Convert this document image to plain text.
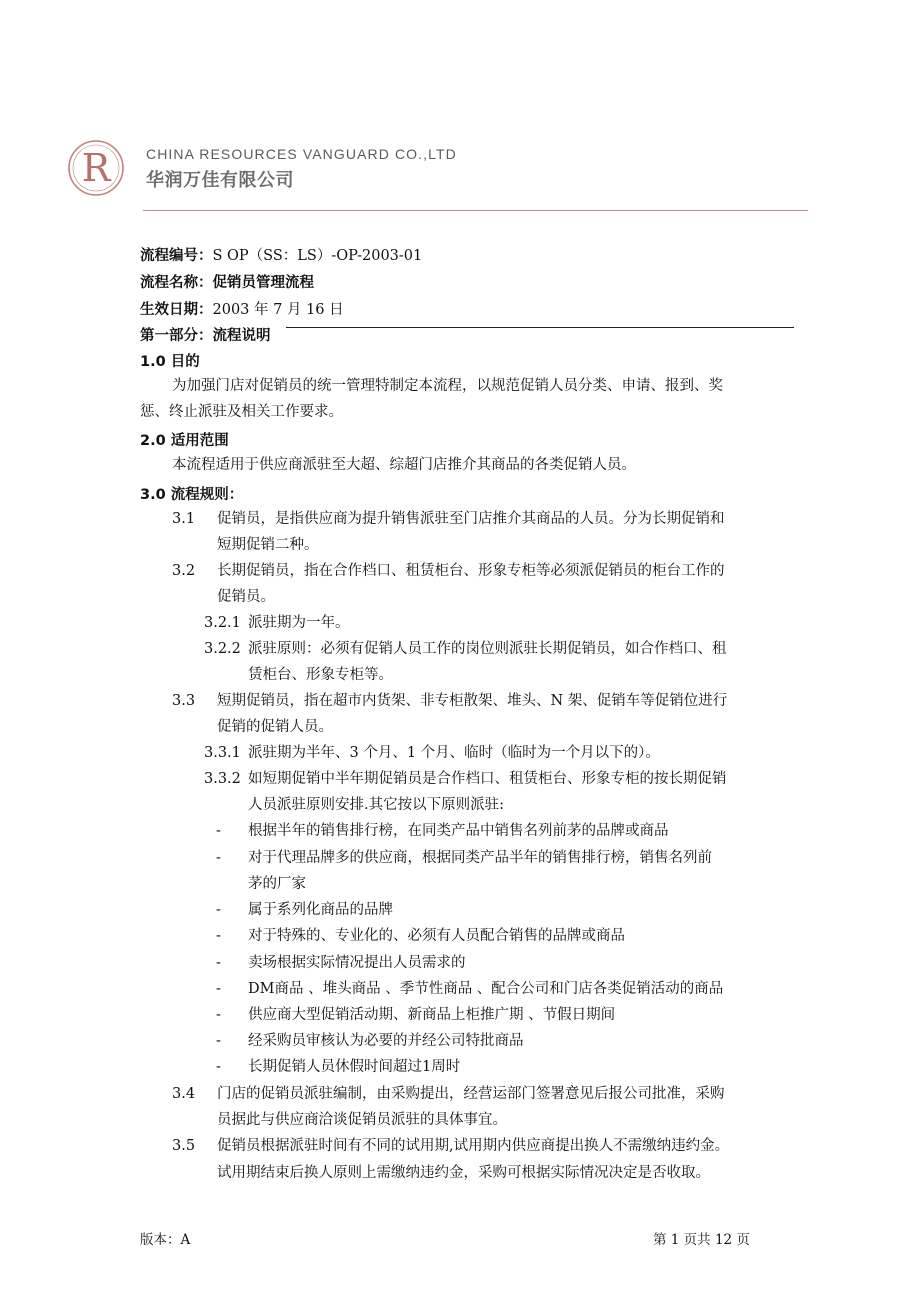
R	CHINA RESOURCES VANGUARD CO.,LTD
华润万佳有限公司
流程编号：S OP（SS：LS）-OP-2003-01
流程名称：促销员管理流程
生效日期：2003 年 7 月 16 日
第一部分：流程说明
1.0 目的
为加强门店对促销员的统一管理特制定本流程，以规范促销人员分类、申请、报到、奖
惩、终止派驻及相关工作要求。
2.0 适用范围
本流程适用于供应商派驻至大超、综超门店推介其商品的各类促销人员。
3.0 流程规则：
3.1 促销员，是指供应商为提升销售派驻至门店推介其商品的人员。分为长期促销和
短期促销二种。
3.2 长期促销员，指在合作档口、租赁柜台、形象专柜等必须派促销员的柜台工作的
促销员。
3.2.1 派驻期为一年。
3.2.2 派驻原则：必须有促销人员工作的岗位则派驻长期促销员，如合作档口、租
赁柜台、形象专柜等。
3.3 短期促销员，指在超市内货架、非专柜散架、堆头、N 架、促销车等促销位进行
促销的促销人员。
3.3.1 派驻期为半年、3 个月、1 个月、临时（临时为一个月以下的）。
3.3.2 如短期促销中半年期促销员是合作档口、租赁柜台、形象专柜的按长期促销
人员派驻原则安排.其它按以下原则派驻:
- 根据半年的销售排行榜，在同类产品中销售名列前茅的品牌或商品
- 对于代理品牌多的供应商，根据同类产品半年的销售排行榜，销售名列前
茅的厂家
- 属于系列化商品的品牌
- 对于特殊的、专业化的、必须有人员配合销售的品牌或商品
- 卖场根据实际情况提出人员需求的
- DM商品 、堆头商品 、季节性商品 、配合公司和门店各类促销活动的商品
- 供应商大型促销活动期、新商品上柜推广期 、节假日期间
- 经采购员审核认为必要的并经公司特批商品
- 长期促销人员休假时间超过1周时
3.4 门店的促销员派驻编制，由采购提出，经营运部门签署意见后报公司批准，采购
员据此与供应商洽谈促销员派驻的具体事宜。
3.5 促销员根据派驻时间有不同的试用期,试用期内供应商提出换人不需缴纳违约金。
试用期结束后换人原则上需缴纳违约金，采购可根据实际情况决定是否收取。
版本：A	第 1 页共 12 页
